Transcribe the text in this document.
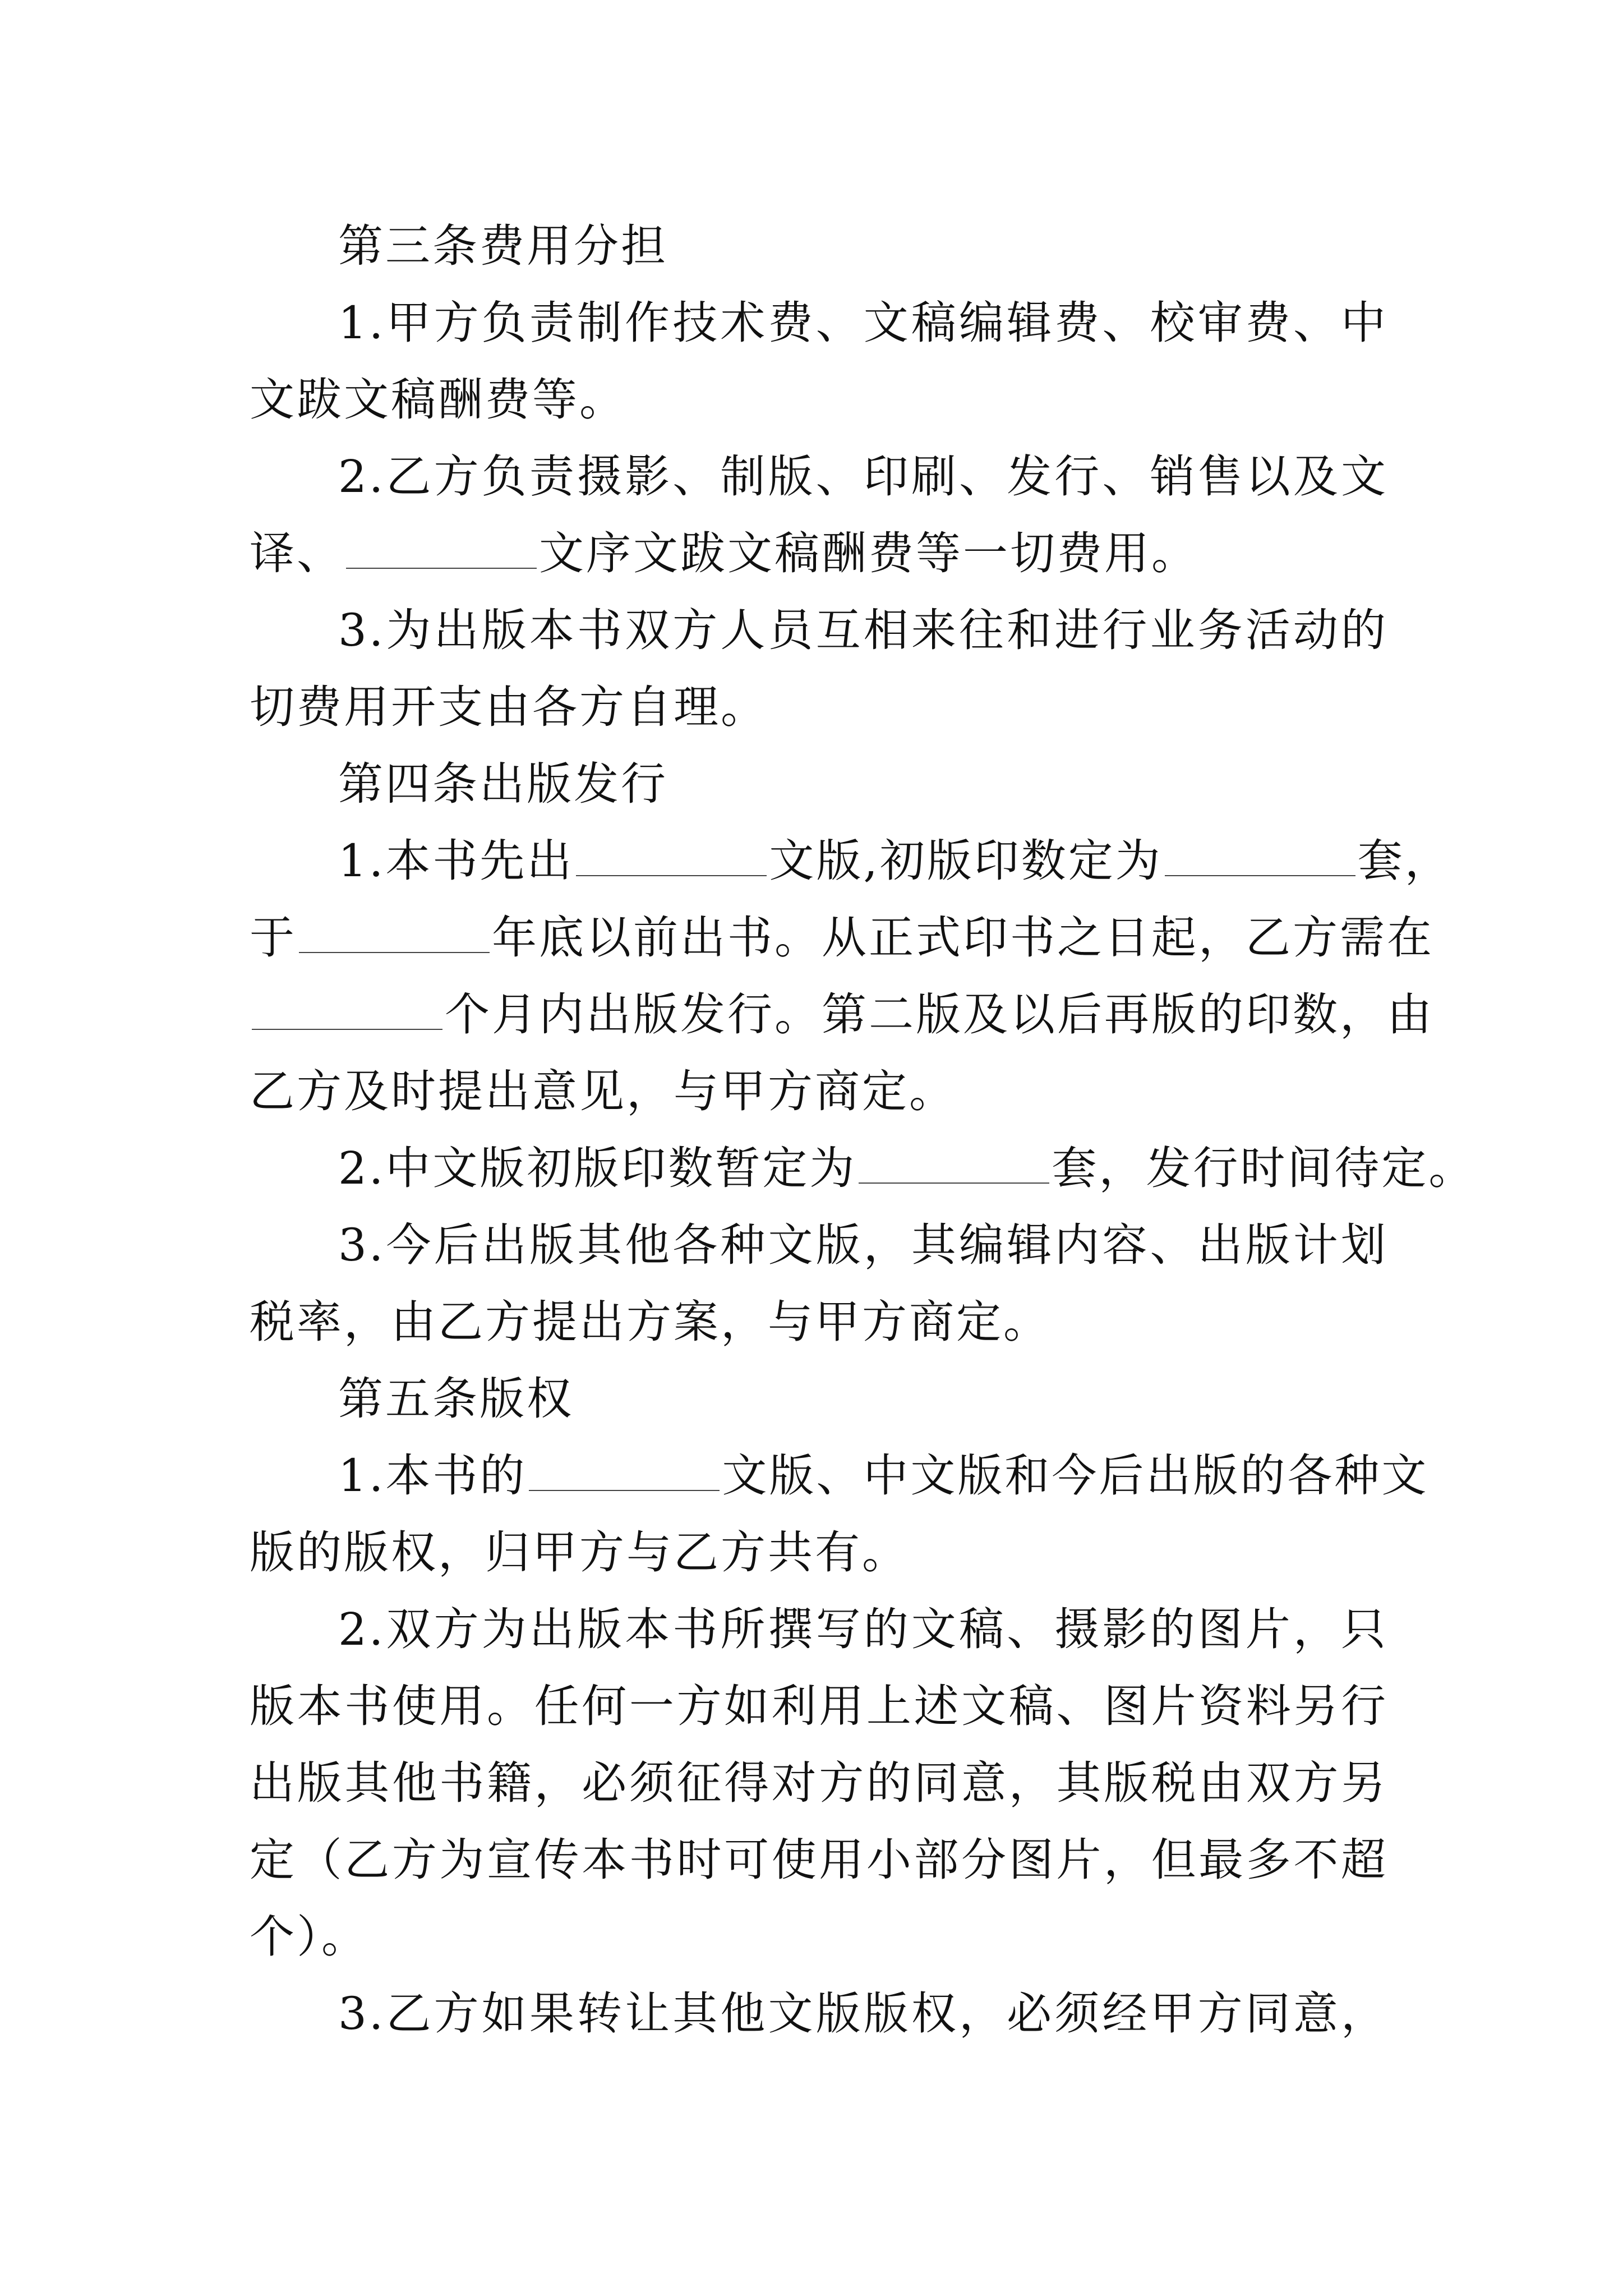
第三条费用分担
1.甲方负责制作技术费、文稿编辑费、校审费、中
文跋文稿酬费等。
2.乙方负责摄影、制版、印刷、发行、销售以及文
译、	文序文跋文稿酬费等一切费用。
3.为出版本书双方人员互相来往和进行业务活动的
切费用开支由各方自理。
第四条出版发行
1.本书先出	文版,初版印数定为	套，
于	年底以前出书。从正式印书之日起，乙方需在
个月内出版发行。第二版及以后再版的印数，由
乙方及时提出意见，与甲方商定。
2.中文版初版印数暂定为	套，发行时间待定。
3.今后出版其他各种文版，其编辑内容、出版计划
税率，由乙方提出方案，与甲方商定。
第五条版权
1.本书的	文版、中文版和今后出版的各种文
版的版权，归甲方与乙方共有。
2.双方为出版本书所撰写的文稿、摄影的图片，只
版本书使用。任何一方如利用上述文稿、图片资料另行
出版其他书籍，必须征得对方的同意，其版税由双方另
定（乙方为宣传本书时可使用小部分图片，但最多不超
个）。
3.乙方如果转让其他文版版权，必须经甲方同意，
